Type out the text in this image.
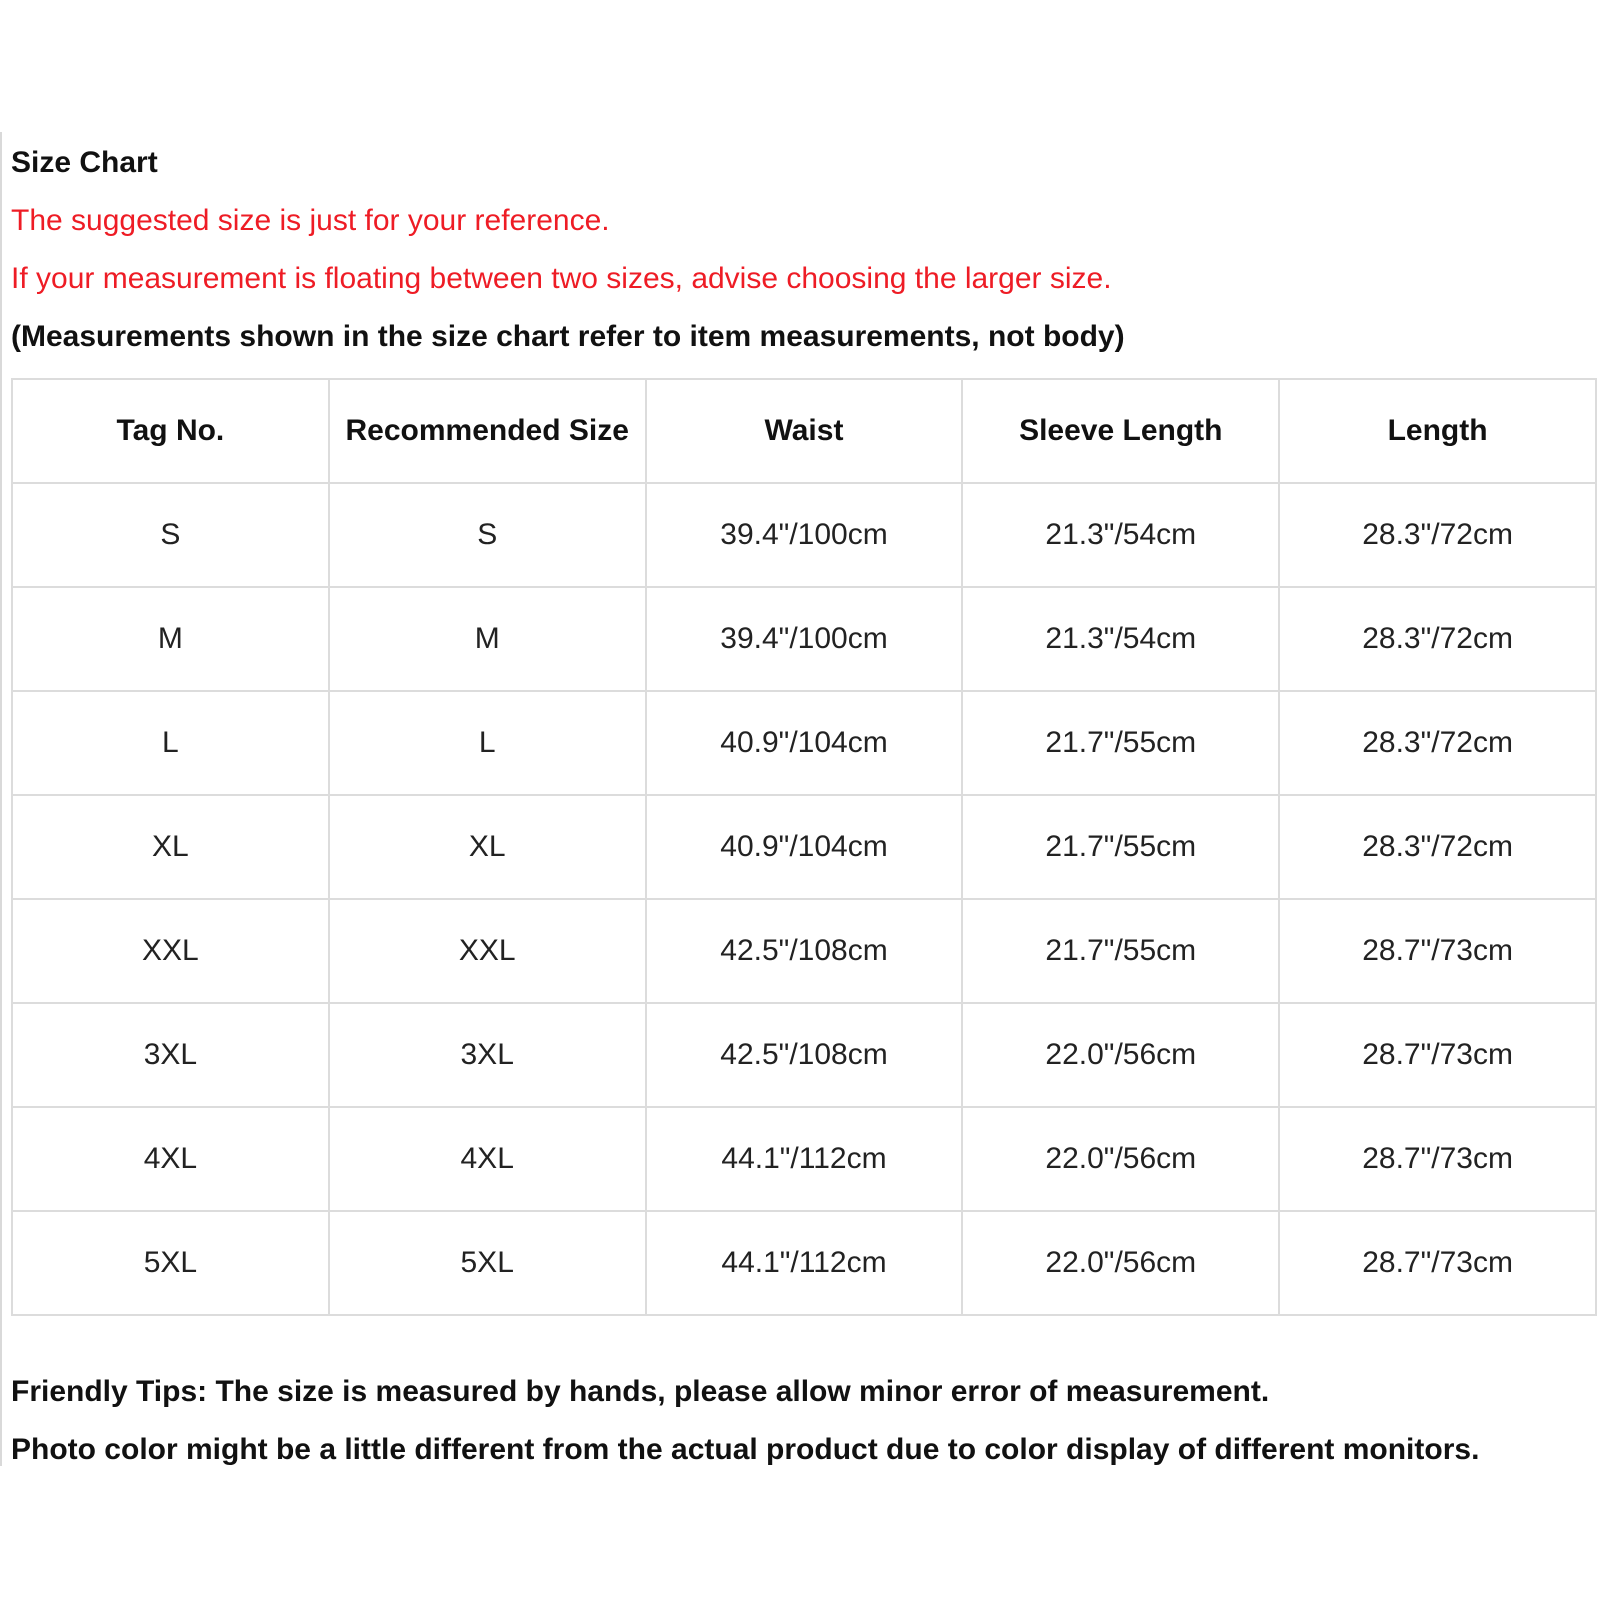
Size Chart
The suggested size is just for your reference.
If your measurement is floating between two sizes, advise choosing the larger size.
(Measurements shown in the size chart refer to item measurements, not body)
Tag No.	Recommended Size	Waist	Sleeve Length	Length
S	S	39.4"/100cm	21.3"/54cm	28.3"/72cm
M	M	39.4"/100cm	21.3"/54cm	28.3"/72cm
L	L	40.9"/104cm	21.7"/55cm	28.3"/72cm
XL	XL	40.9"/104cm	21.7"/55cm	28.3"/72cm
XXL	XXL	42.5"/108cm	21.7"/55cm	28.7"/73cm
3XL	3XL	42.5"/108cm	22.0"/56cm	28.7"/73cm
4XL	4XL	44.1"/112cm	22.0"/56cm	28.7"/73cm
5XL	5XL	44.1"/112cm	22.0"/56cm	28.7"/73cm
Friendly Tips: The size is measured by hands, please allow minor error of measurement.
Photo color might be a little different from the actual product due to color display of different monitors.
